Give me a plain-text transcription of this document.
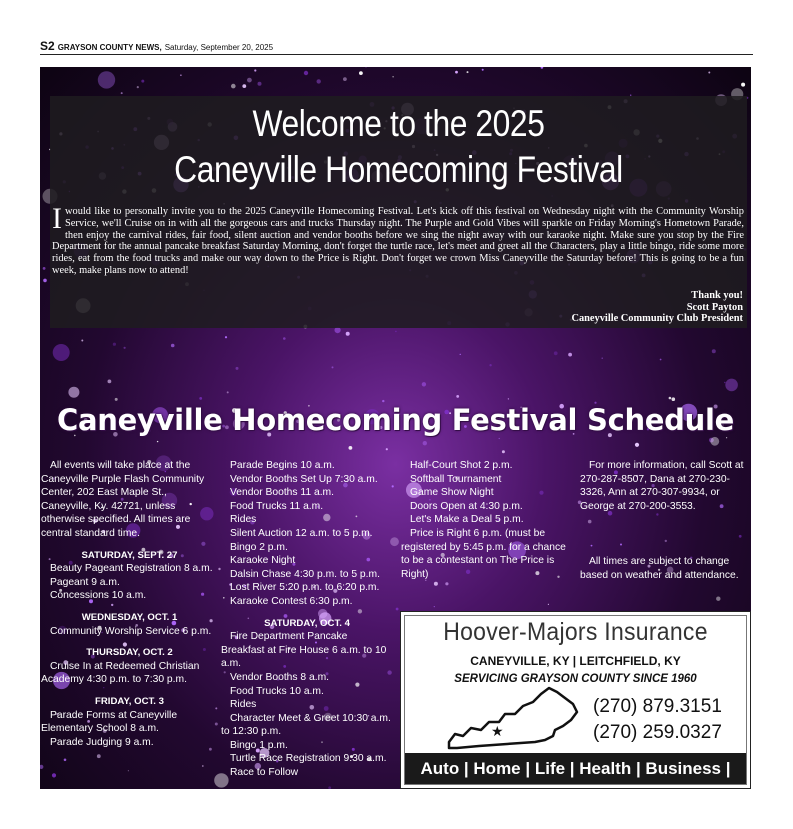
S2 GRAYSON COUNTY NEWS, Saturday, September 20, 2025
Welcome to the 2025
Caneyville Homecoming Festival
Iwould like to personally invite you to the 2025 Caneyville Homecoming Festival. Let's kick off this festival on Wednesday night with the Community Worship Service, we'll Cruise on in with all the gorgeous cars and trucks Thursday night. The Purple and Gold Vibes will sparkle on Friday Morning's Hometown Parade, then enjoy the carnival rides, fair food, silent auction and vendor booths before we sing the night away with our karaoke night. Make sure you stop by the Fire Department for the annual pancake breakfast Saturday Morning, don't forget the turtle race, let's meet and greet all the Characters, play a little bingo, ride some more rides, eat from the food trucks and make our way down to the Price is Right. Don't forget we crown Miss Caneyville the Saturday before! This is going to be a fun week, make plans now to attend!
Thank you!
Scott Payton
Caneyville Community Club President
Caneyville Homecoming Festival Schedule

All events will take place at the Caneyville Purple Flash Community Center, 202 East Maple St., Caneyville, Ky. 42721, unless otherwise specified. All times are central standard time.

SATURDAY, SEPT. 27

Beauty Pageant Registration 8 a.m.

Pageant 9 a.m.

Concessions 10 a.m.

WEDNESDAY, OCT. 1

Community Worship Service 6 p.m.

THURSDAY, OCT. 2

Cruise In at Redeemed Christian Academy 4:30 p.m. to 7:30 p.m.

FRIDAY, OCT. 3

Parade Forms at Caneyville Elementary School 8 a.m.

Parade Judging 9 a.m.

Parade Begins 10 a.m.

Vendor Booths Set Up 7:30 a.m.

Vendor Booths 11 a.m.

Food Trucks 11 a.m.

Rides

Silent Auction 12 a.m. to 5 p.m.

Bingo 2 p.m.

Karaoke Night

Dalsin Chase 4:30 p.m. to 5 p.m.

Lost River 5:20 p.m. to 6:20 p.m.

Karaoke Contest 6:30 p.m.

SATURDAY, OCT. 4

Fire Department Pancake Breakfast at Fire House 6 a.m. to 10 a.m.

Vendor Booths 8 a.m.

Food Trucks 10 a.m.

Rides

Character Meet & Greet 10:30 a.m. to 12:30 p.m.

Bingo 1 p.m.

Turtle Race Registration 9:30 a.m.

Race to Follow

Half-Court Shot 2 p.m.

Softball Tournament

Game Show Night

Doors Open at 4:30 p.m.

Let's Make a Deal 5 p.m.

Price is Right 6 p.m. (must be registered by 5:45 p.m. for a chance to be a contestant on The Price is Right)

For more information, call Scott at 270-287-8507, Dana at 270-230-3326, Ann at 270-307-9934, or George at 270-200-3553.

All times are subject to change based on weather and attendance.

Hoover-Majors Insurance
CANEYVILLE, KY | LEITCHFIELD, KY
SERVICING GRAYSON COUNTY SINCE 1960
★
(270) 879.3151
(270) 259.0327
Auto | Home | Life | Health | Business | Farm
